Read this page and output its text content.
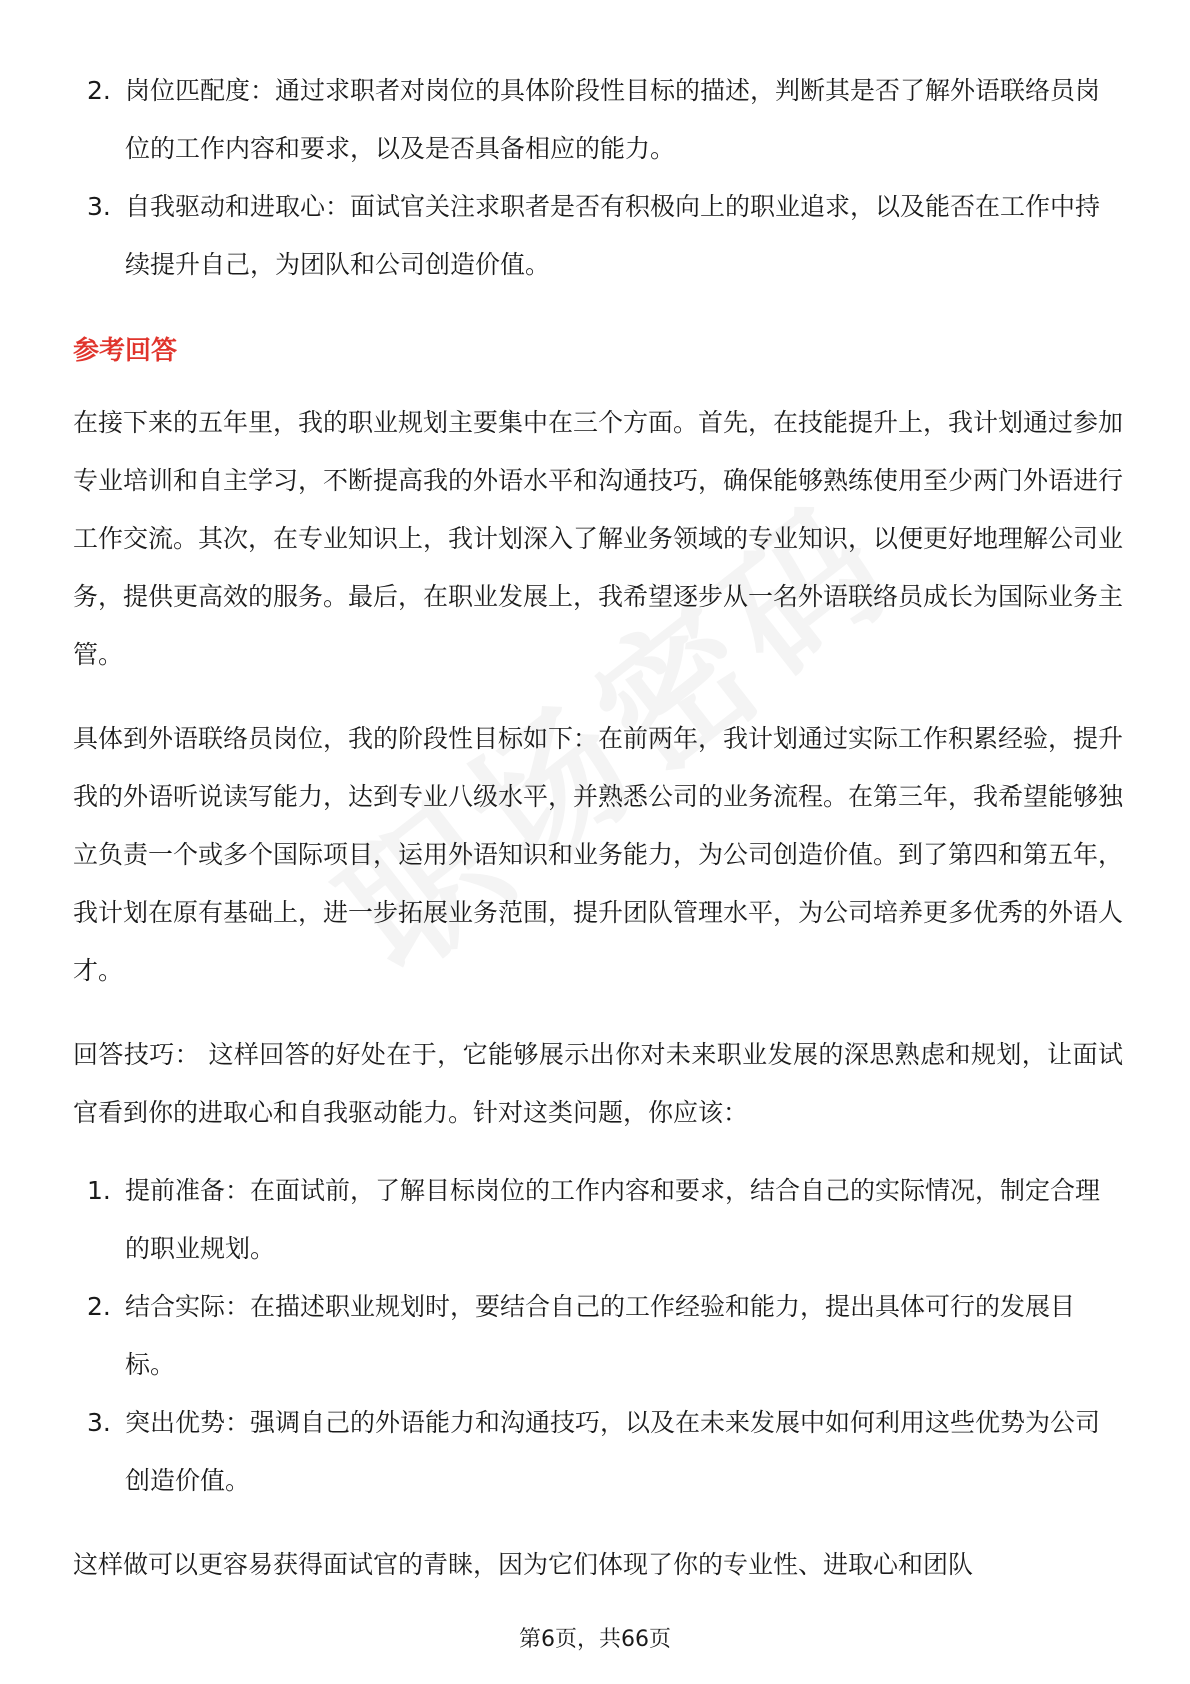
2. 岗位匹配度：通过求职者对岗位的具体阶段性目标的描述，判断其是否了解外语联络员岗位的工作内容和要求，以及是否具备相应的能力。
3. 自我驱动和进取心：面试官关注求职者是否有积极向上的职业追求，以及能否在工作中持续提升自己，为团队和公司创造价值。
参考回答

在接下来的五年里，我的职业规划主要集中在三个方面。首先，在技能提升上，我计划通过参加专业培训和自主学习，不断提高我的外语水平和沟通技巧，确保能够熟练使用至少两门外语进行工作交流。其次，在专业知识上，我计划深入了解业务领域的专业知识，以便更好地理解公司业务，提供更高效的服务。最后，在职业发展上，我希望逐步从一名外语联络员成长为国际业务主管。

具体到外语联络员岗位，我的阶段性目标如下：在前两年，我计划通过实际工作积累经验，提升我的外语听说读写能力，达到专业八级水平，并熟悉公司的业务流程。在第三年，我希望能够独立负责一个或多个国际项目，运用外语知识和业务能力，为公司创造价值。到了第四和第五年，我计划在原有基础上，进一步拓展业务范围，提升团队管理水平，为公司培养更多优秀的外语人才。

回答技巧： 这样回答的好处在于，它能够展示出你对未来职业发展的深思熟虑和规划，让面试官看到你的进取心和自我驱动能力。针对这类问题，你应该：

1. 提前准备：在面试前，了解目标岗位的工作内容和要求，结合自己的实际情况，制定合理的职业规划。
2. 结合实际：在描述职业规划时，要结合自己的工作经验和能力，提出具体可行的发展目标。
3. 突出优势：强调自己的外语能力和沟通技巧，以及在未来发展中如何利用这些优势为公司创造价值。

这样做可以更容易获得面试官的青睐，因为它们体现了你的专业性、进取心和团队

第6页，共66页
